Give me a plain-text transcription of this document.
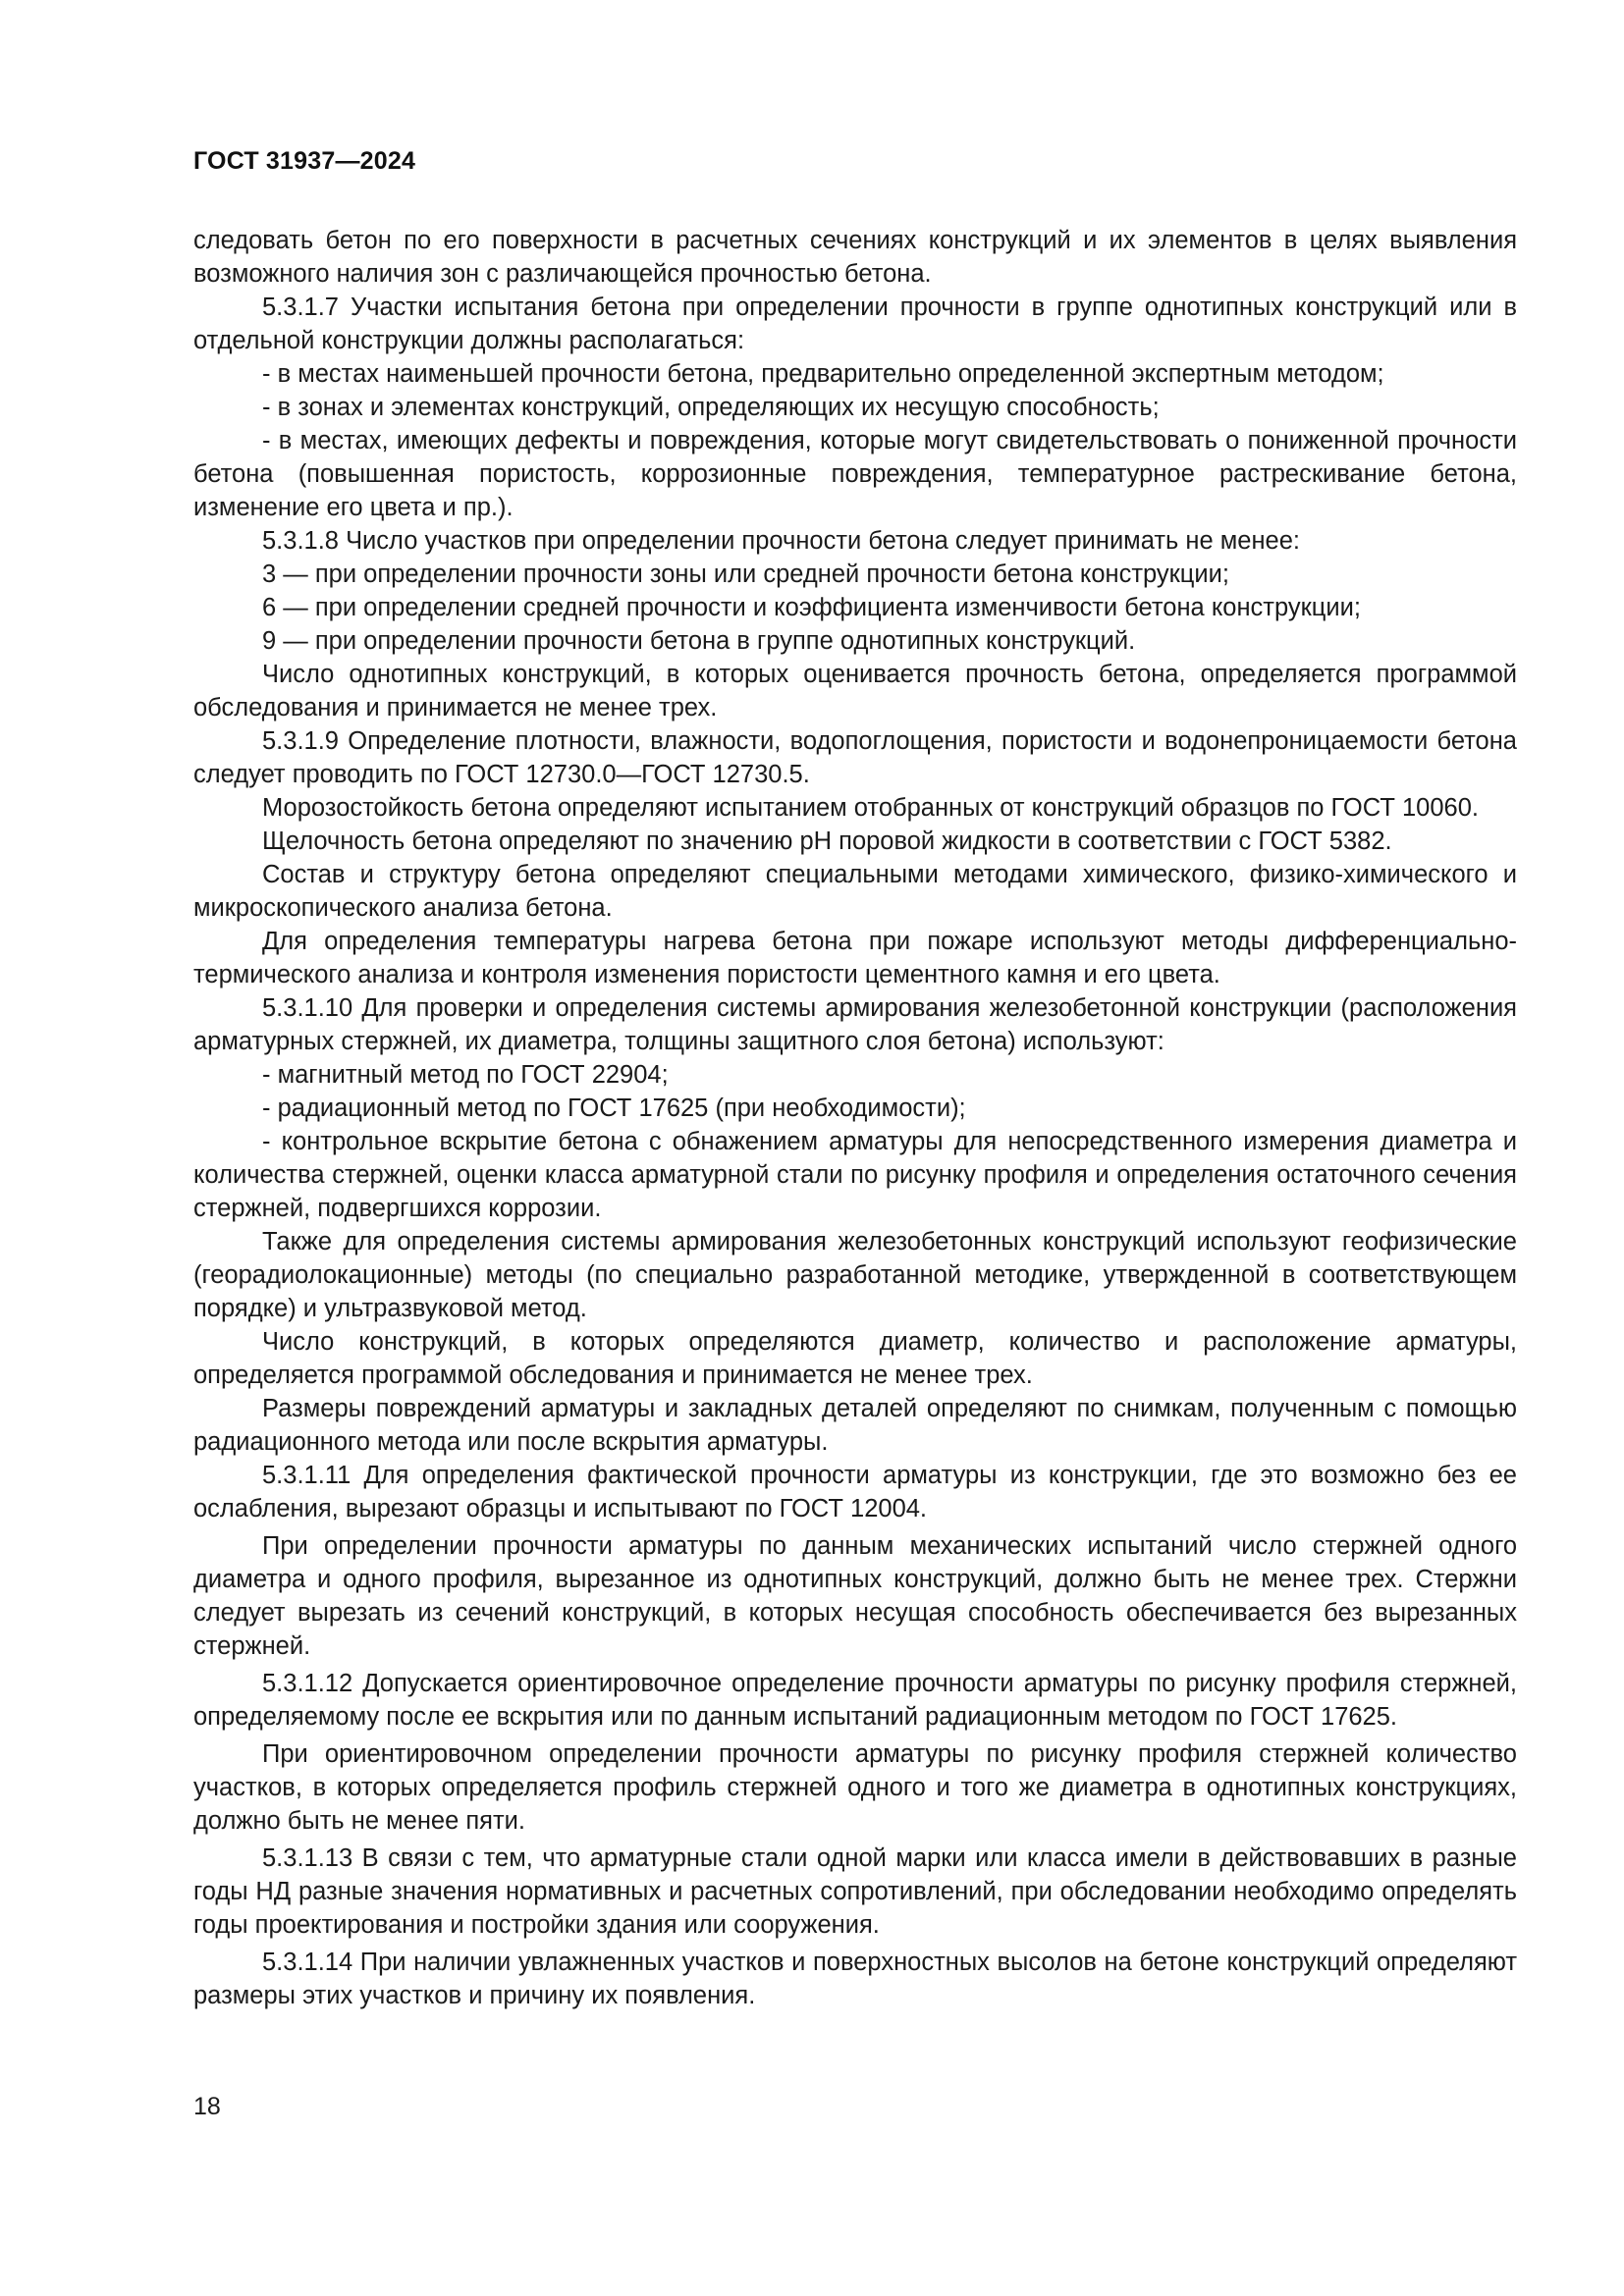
ГОСТ 31937—2024

следовать бетон по его поверхности в расчетных сечениях конструкций и их элементов в целях выявления возможного наличия зон с различающейся прочностью бетона.

5.3.1.7 Участки испытания бетона при определении прочности в группе однотипных конструкций или в отдельной конструкции должны располагаться:

- в местах наименьшей прочности бетона, предварительно определенной экспертным методом;

- в зонах и элементах конструкций, определяющих их несущую способность;

- в местах, имеющих дефекты и повреждения, которые могут свидетельствовать о пониженной прочности бетона (повышенная пористость, коррозионные повреждения, температурное растрескивание бетона, изменение его цвета и пр.).

5.3.1.8 Число участков при определении прочности бетона следует принимать не менее:

3 — при определении прочности зоны или средней прочности бетона конструкции;

6 — при определении средней прочности и коэффициента изменчивости бетона конструкции;

9 — при определении прочности бетона в группе однотипных конструкций.

Число однотипных конструкций, в которых оценивается прочность бетона, определяется программой обследования и принимается не менее трех.

5.3.1.9 Определение плотности, влажности, водопоглощения, пористости и водонепроницаемости бетона следует проводить по ГОСТ 12730.0—ГОСТ 12730.5.

Морозостойкость бетона определяют испытанием отобранных от конструкций образцов по ГОСТ 10060.

Щелочность бетона определяют по значению рН поровой жидкости в соответствии с ГОСТ 5382.

Состав и структуру бетона определяют специальными методами химического, физико-химического и микроскопического анализа бетона.

Для определения температуры нагрева бетона при пожаре используют методы дифференциально-термического анализа и контроля изменения пористости цементного камня и его цвета.

5.3.1.10 Для проверки и определения системы армирования железобетонной конструкции (расположения арматурных стержней, их диаметра, толщины защитного слоя бетона) используют:

- магнитный метод по ГОСТ 22904;

- радиационный метод по ГОСТ 17625 (при необходимости);

- контрольное вскрытие бетона с обнажением арматуры для непосредственного измерения диаметра и количества стержней, оценки класса арматурной стали по рисунку профиля и определения остаточного сечения стержней, подвергшихся коррозии.

Также для определения системы армирования железобетонных конструкций используют геофизические (георадиолокационные) методы (по специально разработанной методике, утвержденной в соответствующем порядке) и ультразвуковой метод.

Число конструкций, в которых определяются диаметр, количество и расположение арматуры, определяется программой обследования и принимается не менее трех.

Размеры повреждений арматуры и закладных деталей определяют по снимкам, полученным с помощью радиационного метода или после вскрытия арматуры.

5.3.1.11 Для определения фактической прочности арматуры из конструкции, где это возможно без ее ослабления, вырезают образцы и испытывают по ГОСТ 12004.

При определении прочности арматуры по данным механических испытаний число стержней одного диаметра и одного профиля, вырезанное из однотипных конструкций, должно быть не менее трех. Стержни следует вырезать из сечений конструкций, в которых несущая способность обеспечивается без вырезанных стержней.

5.3.1.12 Допускается ориентировочное определение прочности арматуры по рисунку профиля стержней, определяемому после ее вскрытия или по данным испытаний радиационным методом по ГОСТ 17625.

При ориентировочном определении прочности арматуры по рисунку профиля стержней количество участков, в которых определяется профиль стержней одного и того же диаметра в однотипных конструкциях, должно быть не менее пяти.

5.3.1.13 В связи с тем, что арматурные стали одной марки или класса имели в действовавших в разные годы НД разные значения нормативных и расчетных сопротивлений, при обследовании необходимо определять годы проектирования и постройки здания или сооружения.

5.3.1.14 При наличии увлажненных участков и поверхностных высолов на бетоне конструкций определяют размеры этих участков и причину их появления.

18
